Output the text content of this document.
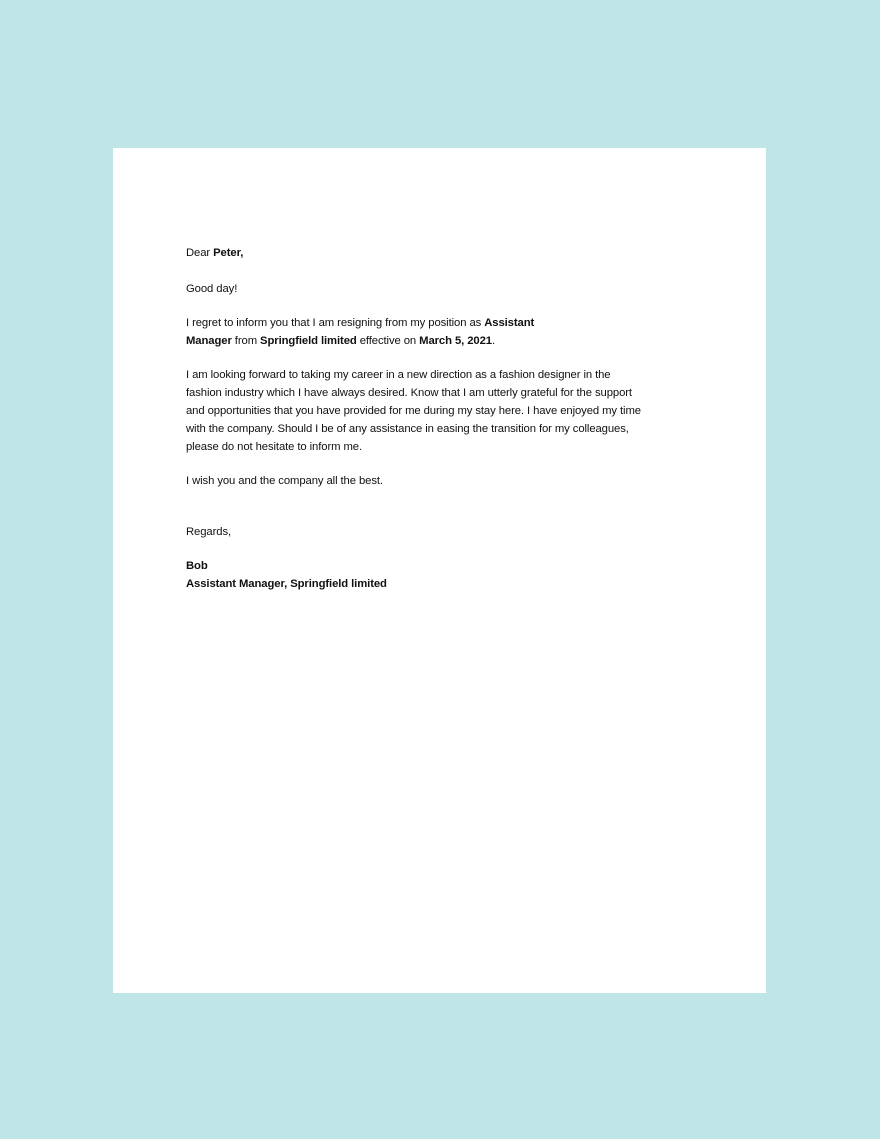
Dear Peter,
Good day!
I regret to inform you that I am resigning from my position as Assistant
Manager from Springfield limited effective on March 5, 2021.
I am looking forward to taking my career in a new direction as a fashion designer in the
fashion industry which I have always desired. Know that I am utterly grateful for the support
and opportunities that you have provided for me during my stay here. I have enjoyed my time
with the company. Should I be of any assistance in easing the transition for my colleagues,
please do not hesitate to inform me.
I wish you and the company all the best.
Regards,
Bob
Assistant Manager, Springfield limited
